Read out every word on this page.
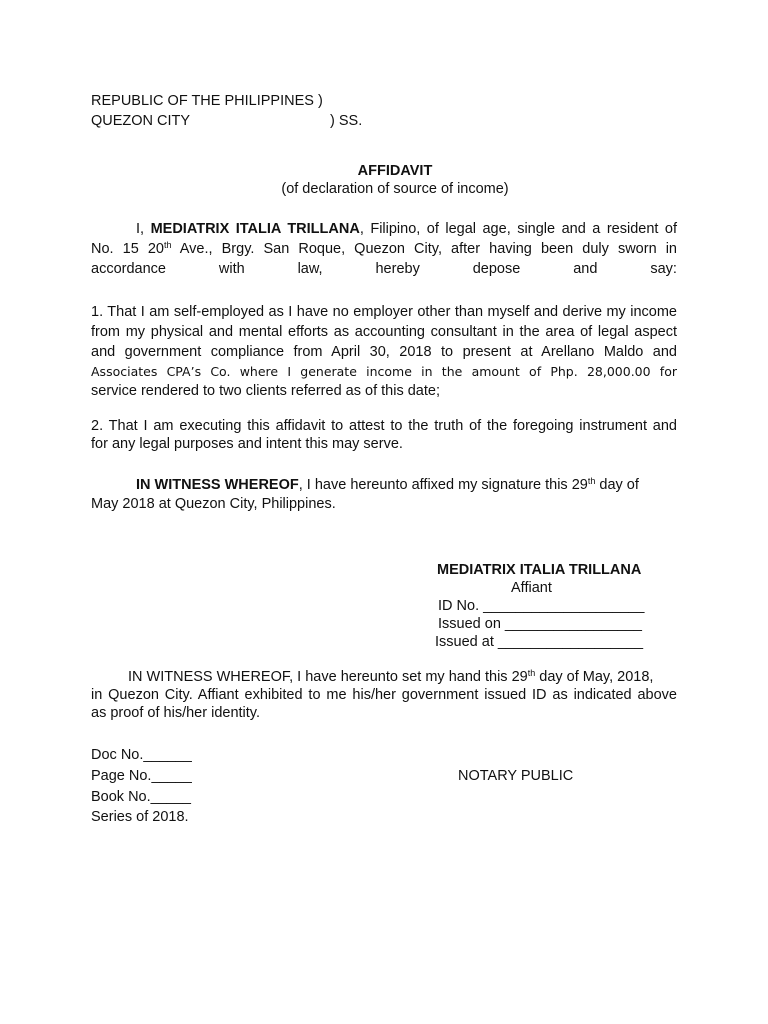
REPUBLIC OF THE PHILIPPINES )
QUEZON CITY	) SS.
AFFIDAVIT
(of declaration of source of income)
I, MEDIATRIX ITALIA TRILLANA, Filipino, of legal age, single and a resident of
No. 15 20th Ave., Brgy. San Roque, Quezon City, after having been duly sworn in
accordance	with	law,	hereby	depose	and	say:
1. That I am self-employed as I have no employer other than myself and derive my income
from my physical and mental efforts as accounting consultant in the area of legal aspect
and government compliance from April 30, 2018 to present at Arellano Maldo and
Associates CPA’s Co. where I generate income in the amount of Php. 28,000.00 for
service rendered to two clients referred as of this date;
2. That I am executing this affidavit to attest to the truth of the foregoing instrument and
for any legal purposes and intent this may serve.
IN WITNESS WHEREOF, I have hereunto affixed my signature this 29th day of
May 2018 at Quezon City, Philippines.
MEDIATRIX ITALIA TRILLANA
Affiant
ID No. ____________________
Issued on _________________
Issued at __________________
IN WITNESS WHEREOF, I have hereunto set my hand this 29th day of May, 2018,
in Quezon City. Affiant exhibited to me his/her government issued ID as indicated above
as proof of his/her identity.
Doc No.______
Page No._____
Book No._____
Series of 2018.
NOTARY PUBLIC
